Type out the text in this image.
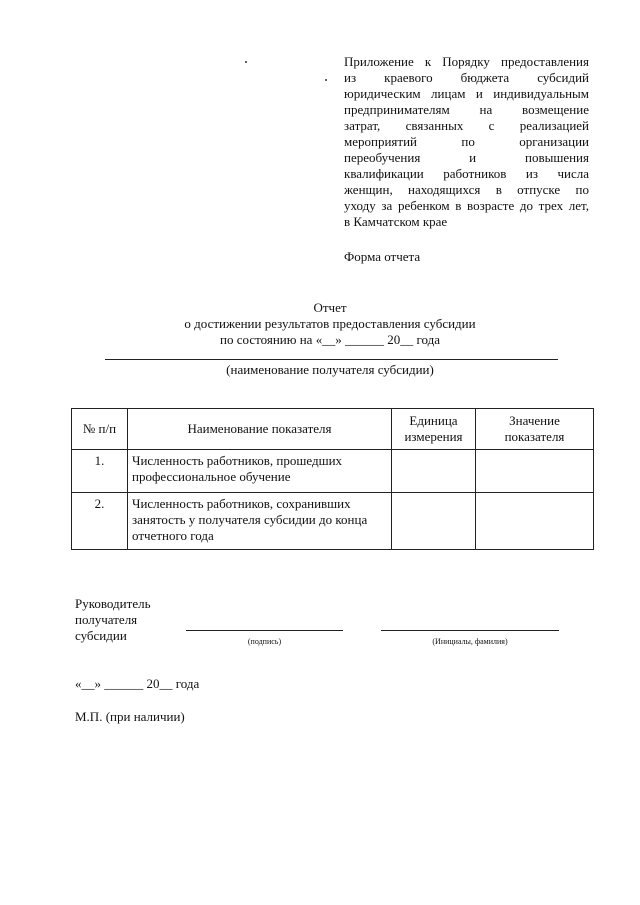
Приложение к Порядку предоставления
из краевого бюджета субсидий
юридическим лицам и индивидуальным
предпринимателям на возмещение
затрат, связанных с реализацией
мероприятий по организации
переобучения и повышения
квалификации работников из числа
женщин, находящихся в отпуске по
уходу за ребенком в возрасте до трех лет,
в Камчатском крае
Форма отчета
Отчет
о достижении результатов предоставления субсидии
по состоянию на «__» ______ 20__ года
(наименование получателя субсидии)
№ п/п	Наименование показателя	Единица измерения	Значение показателя
1.	Численность работников, прошедших профессиональное обучение		
2.	Численность работников, сохранивших занятость у получателя субсидии до конца отчетного года		
Руководитель
получателя
субсидии	(подпись)	(Инициалы, фамилия)
«__» ______ 20__ года
М.П. (при наличии)
